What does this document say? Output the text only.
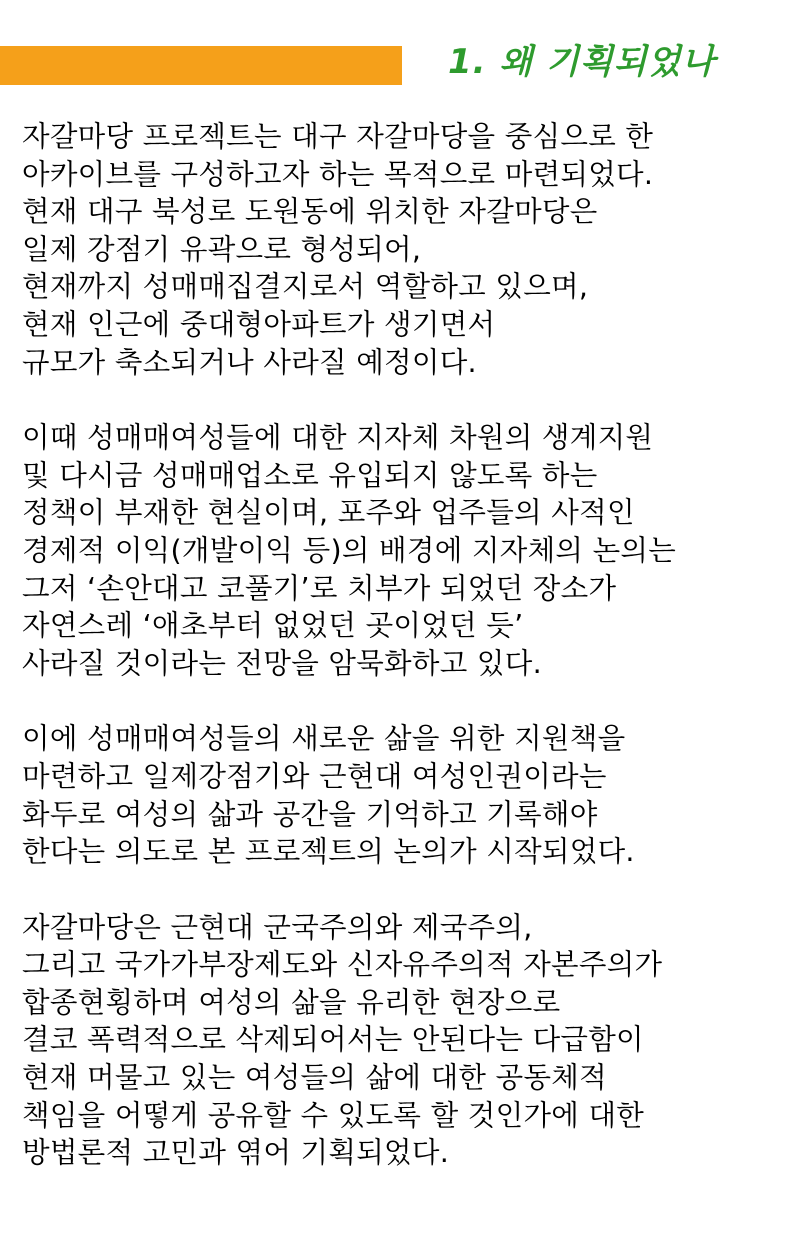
1. 왜 기획되었나

자갈마당 프로젝트는 대구 자갈마당을 중심으로 한
아카이브를 구성하고자 하는 목적으로 마련되었다.
현재 대구 북성로 도원동에 위치한 자갈마당은
일제 강점기 유곽으로 형성되어,
현재까지 성매매집결지로서 역할하고 있으며,
현재 인근에 중대형아파트가 생기면서
규모가 축소되거나 사라질 예정이다.

이때 성매매여성들에 대한 지자체 차원의 생계지원
및 다시금 성매매업소로 유입되지 않도록 하는
정책이 부재한 현실이며, 포주와 업주들의 사적인
경제적 이익(개발이익 등)의 배경에 지자체의 논의는
그저 ‘손안대고 코풀기’로 치부가 되었던 장소가
자연스레 ‘애초부터 없었던 곳이었던 듯’
사라질 것이라는 전망을 암묵화하고 있다.

이에 성매매여성들의 새로운 삶을 위한 지원책을
마련하고 일제강점기와 근현대 여성인권이라는
화두로 여성의 삶과 공간을 기억하고 기록해야
한다는 의도로 본 프로젝트의 논의가 시작되었다.

자갈마당은 근현대 군국주의와 제국주의,
그리고 국가가부장제도와 신자유주의적 자본주의가
합종현횡하며 여성의 삶을 유리한 현장으로
결코 폭력적으로 삭제되어서는 안된다는 다급함이
현재 머물고 있는 여성들의 삶에 대한 공동체적
책임을 어떻게 공유할 수 있도록 할 것인가에 대한
방법론적 고민과 엮어 기획되었다.
